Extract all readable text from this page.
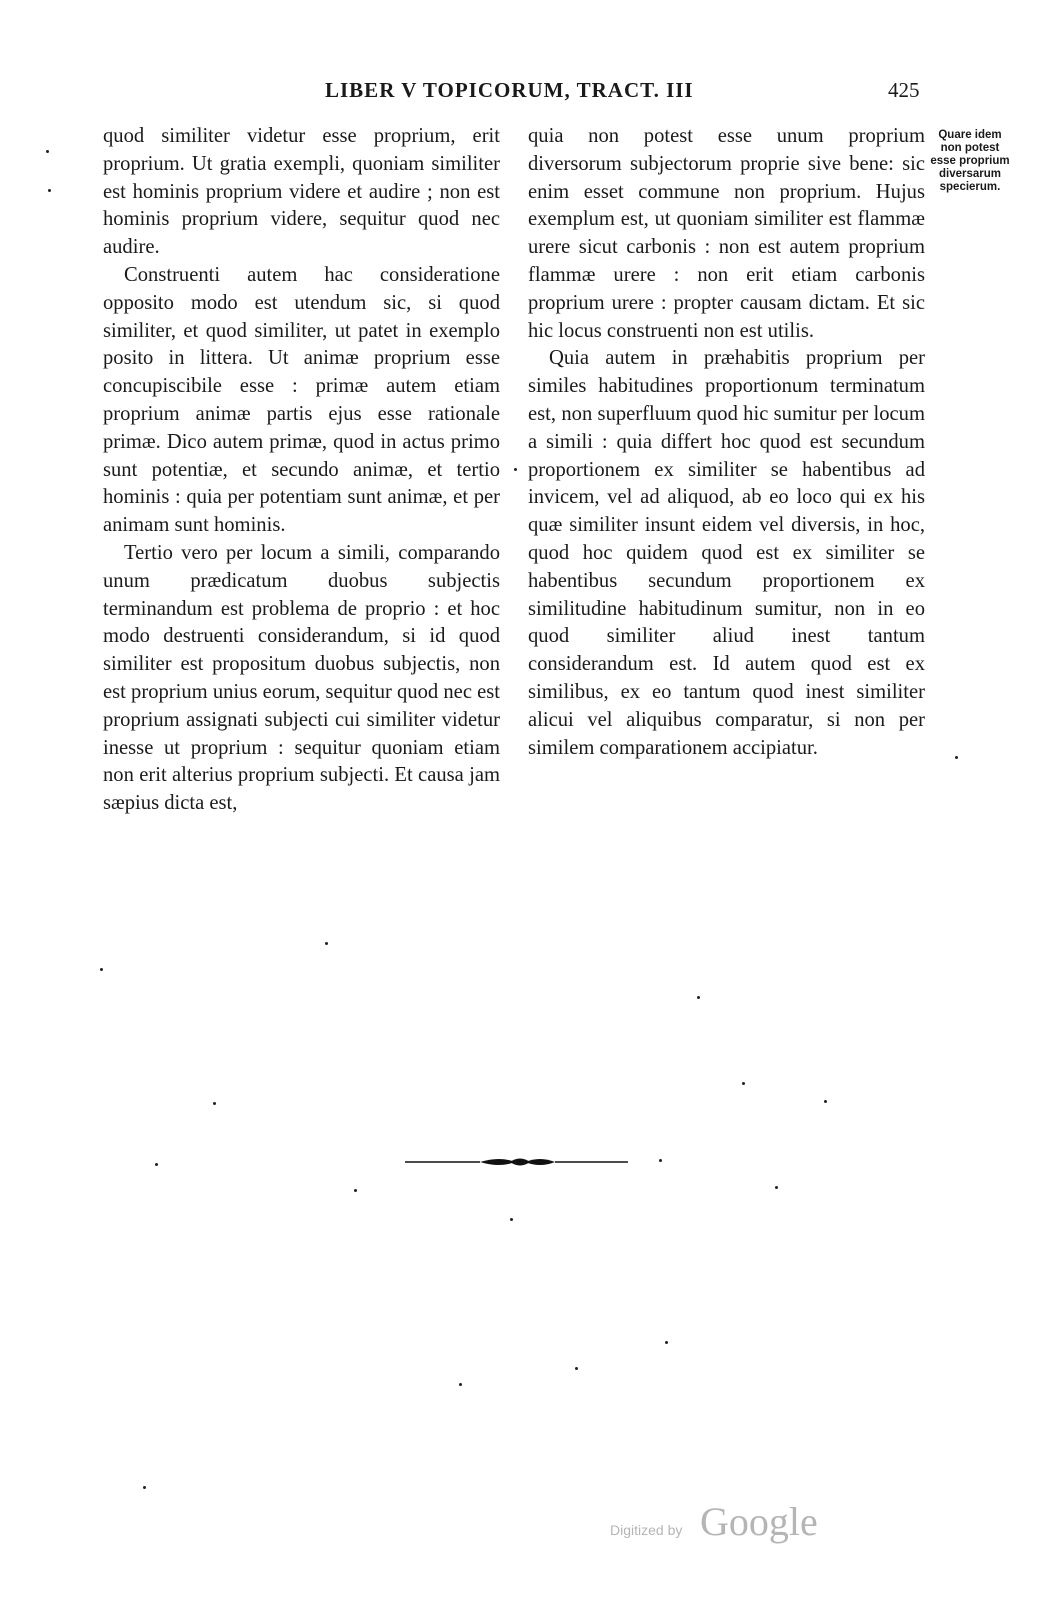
LIBER V TOPICORUM, TRACT. III	425

quod similiter videtur esse proprium, erit proprium. Ut gratia exempli, quoniam similiter est hominis proprium videre et audire ; non est hominis proprium videre, sequitur quod nec audire.

Construenti autem hac consideratione opposito modo est utendum sic, si quod similiter, et quod similiter, ut patet in exemplo posito in littera. Ut animæ proprium esse concupiscibile esse : primæ autem etiam proprium animæ partis ejus esse rationale primæ. Dico autem primæ, quod in actus primo sunt potentiæ, et secundo animæ, et tertio hominis : quia per potentiam sunt animæ, et per animam sunt hominis.

Tertio vero per locum a simili, comparando unum prædicatum duobus subjectis terminandum est problema de proprio : et hoc modo destruenti considerandum, si id quod similiter est propositum duobus subjectis, non est proprium unius eorum, sequitur quod nec est proprium assignati subjecti cui similiter videtur inesse ut proprium : sequitur quoniam etiam non erit alterius proprium subjecti. Et causa jam sæpius dicta est,

quia non potest esse unum proprium diversorum subjectorum proprie sive bene: sic enim esset commune non proprium. Hujus exemplum est, ut quoniam similiter est flammæ urere sicut carbonis : non est autem proprium flammæ urere : non erit etiam carbonis proprium urere : propter causam dictam. Et sic hic locus construenti non est utilis.

Quia autem in præhabitis proprium per similes habitudines proportionum terminatum est, non superfluum quod hic sumitur per locum a simili : quia differt hoc quod est secundum proportionem ex similiter se habentibus ad invicem, vel ad aliquod, ab eo loco qui ex his quæ similiter insunt eidem vel diversis, in hoc, quod hoc quidem quod est ex similiter se habentibus secundum proportionem ex similitudine habitudinum sumitur, non in eo quod similiter aliud inest tantum considerandum est. Id autem quod est ex similibus, ex eo tantum quod inest similiter alicui vel aliquibus comparatur, si non per similem comparationem accipiatur.

Quare idem non potest esse proprium diversarum specierum.
Digitized by Google
